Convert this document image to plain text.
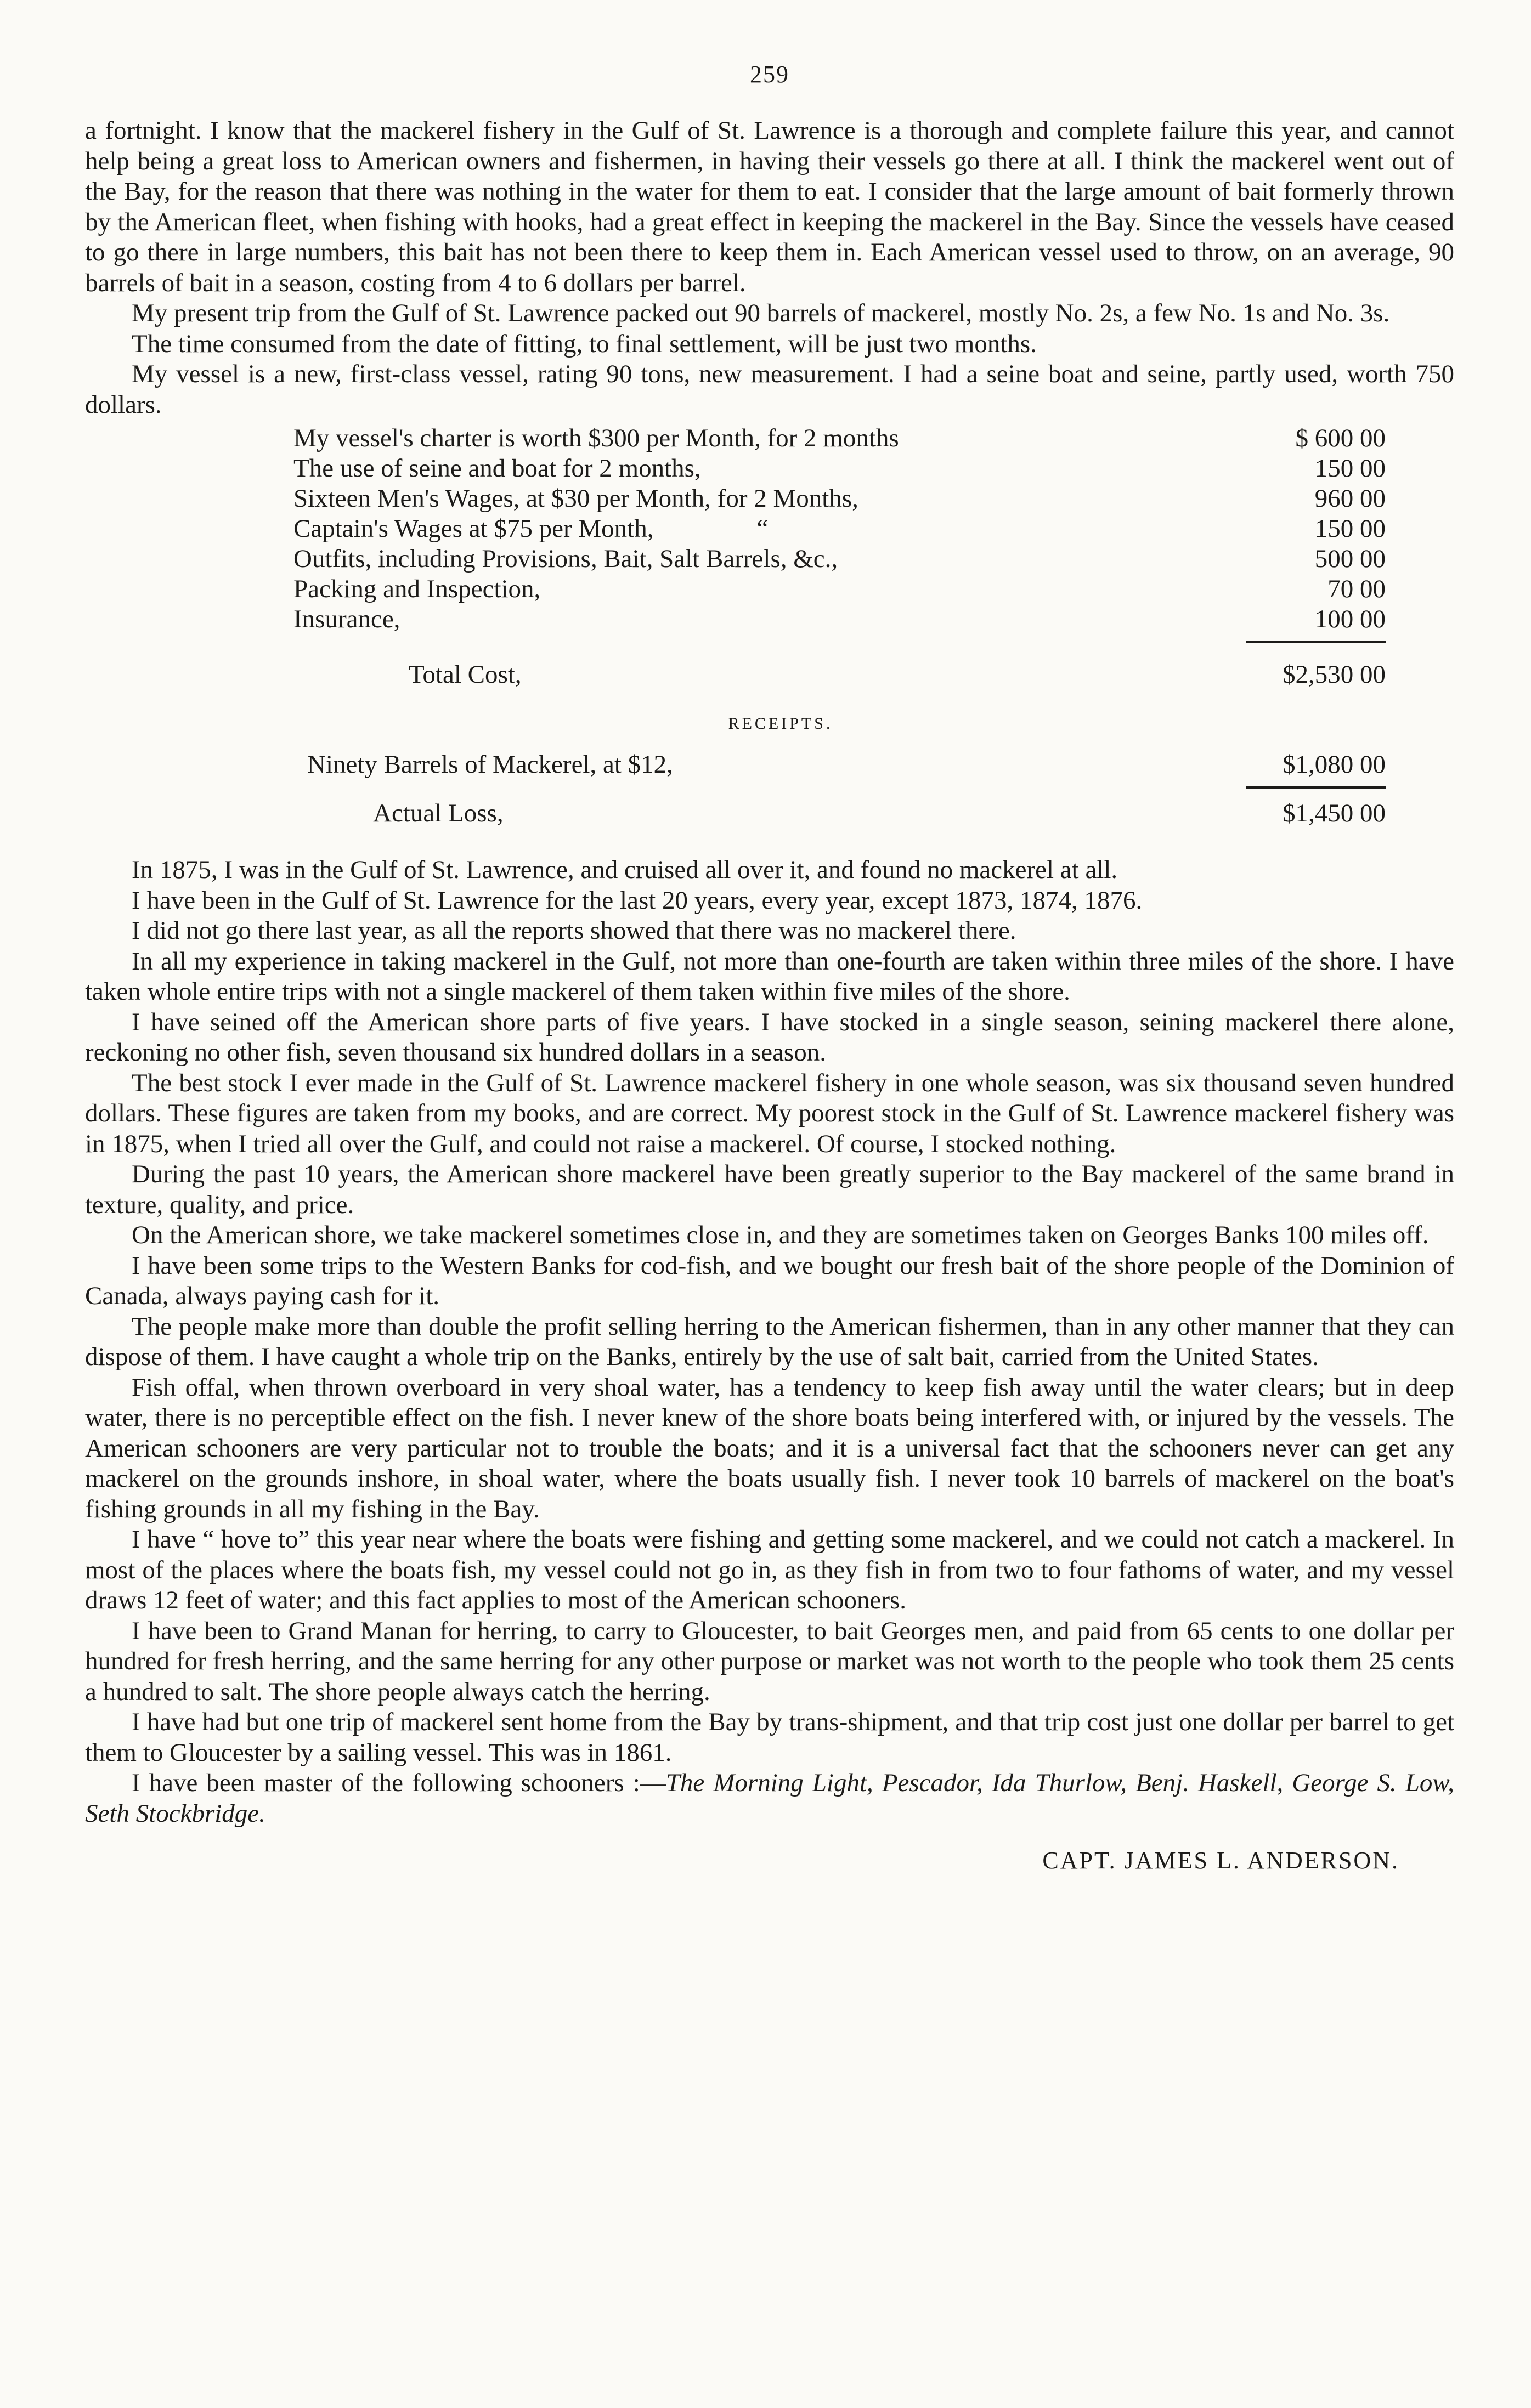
259

a fortnight. I know that the mackerel fishery in the Gulf of St. Lawrence is a thorough and complete failure this year, and cannot help being a great loss to American owners and fishermen, in having their vessels go there at all. I think the mackerel went out of the Bay, for the reason that there was nothing in the water for them to eat. I consider that the large amount of bait formerly thrown by the American fleet, when fishing with hooks, had a great effect in keeping the mackerel in the Bay. Since the vessels have ceased to go there in large numbers, this bait has not been there to keep them in. Each American vessel used to throw, on an average, 90 barrels of bait in a season, costing from 4 to 6 dollars per barrel.

My present trip from the Gulf of St. Lawrence packed out 90 barrels of mackerel, mostly No. 2s, a few No. 1s and No. 3s.

The time consumed from the date of fitting, to final settlement, will be just two months.

My vessel is a new, first-class vessel, rating 90 tons, new measurement. I had a seine boat and seine, partly used, worth 750 dollars.

My vessel's charter is worth $300 per Month, for 2 months	$ 600 00
The use of seine and boat for 2 months,	150 00
Sixteen Men's Wages, at $30 per Month, for 2 Months,	960 00
Captain's Wages at $75 per Month,                “	150 00
Outfits, including Provisions, Bait, Salt Barrels, &c.,	500 00
Packing and Inspection,	70 00
Insurance,	100 00
Total Cost,	$2,530 00
RECEIPTS.
Ninety Barrels of Mackerel, at $12,	$1,080 00
Actual Loss,	$1,450 00

In 1875, I was in the Gulf of St. Lawrence, and cruised all over it, and found no mackerel at all.

I have been in the Gulf of St. Lawrence for the last 20 years, every year, except 1873, 1874, 1876.

I did not go there last year, as all the reports showed that there was no mackerel there.

In all my experience in taking mackerel in the Gulf, not more than one-fourth are taken within three miles of the shore. I have taken whole entire trips with not a single mackerel of them taken within five miles of the shore.

I have seined off the American shore parts of five years. I have stocked in a single season, seining mackerel there alone, reckoning no other fish, seven thousand six hundred dollars in a season.

The best stock I ever made in the Gulf of St. Lawrence mackerel fishery in one whole season, was six thousand seven hundred dollars. These figures are taken from my books, and are correct. My poorest stock in the Gulf of St. Lawrence mackerel fishery was in 1875, when I tried all over the Gulf, and could not raise a mackerel. Of course, I stocked nothing.

During the past 10 years, the American shore mackerel have been greatly superior to the Bay mackerel of the same brand in texture, quality, and price.

On the American shore, we take mackerel sometimes close in, and they are sometimes taken on Georges Banks 100 miles off.

I have been some trips to the Western Banks for cod-fish, and we bought our fresh bait of the shore people of the Dominion of Canada, always paying cash for it.

The people make more than double the profit selling herring to the American fishermen, than in any other manner that they can dispose of them. I have caught a whole trip on the Banks, entirely by the use of salt bait, carried from the United States.

Fish offal, when thrown overboard in very shoal water, has a tendency to keep fish away until the water clears; but in deep water, there is no perceptible effect on the fish. I never knew of the shore boats being interfered with, or injured by the vessels. The American schooners are very particular not to trouble the boats; and it is a universal fact that the schooners never can get any mackerel on the grounds inshore, in shoal water, where the boats usually fish. I never took 10 barrels of mackerel on the boat's fishing grounds in all my fishing in the Bay.

I have “ hove to” this year near where the boats were fishing and getting some mackerel, and we could not catch a mackerel. In most of the places where the boats fish, my vessel could not go in, as they fish in from two to four fathoms of water, and my vessel draws 12 feet of water; and this fact applies to most of the American schooners.

I have been to Grand Manan for herring, to carry to Gloucester, to bait Georges men, and paid from 65 cents to one dollar per hundred for fresh herring, and the same herring for any other purpose or market was not worth to the people who took them 25 cents a hundred to salt. The shore people always catch the herring.

I have had but one trip of mackerel sent home from the Bay by trans-shipment, and that trip cost just one dollar per barrel to get them to Gloucester by a sailing vessel. This was in 1861.

I have been master of the following schooners :—The Morning Light, Pescador, Ida Thurlow, Benj. Haskell, George S. Low, Seth Stockbridge.

CAPT. JAMES L. ANDERSON.
